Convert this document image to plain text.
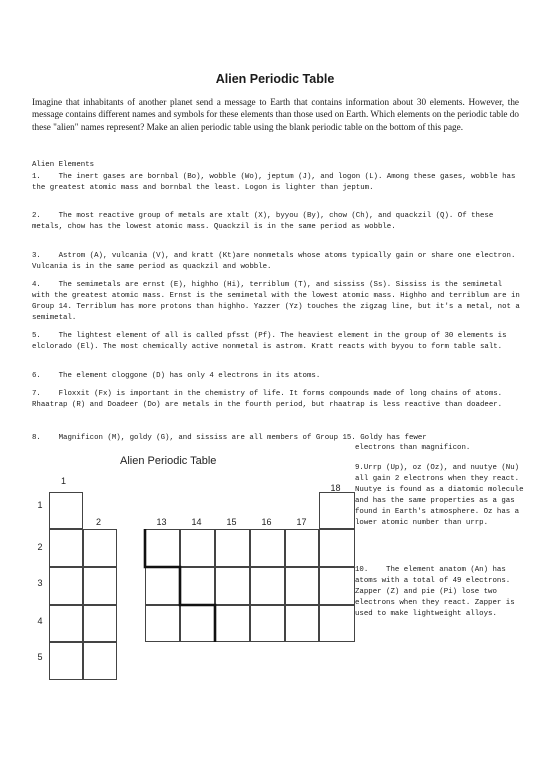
Alien Periodic Table
Imagine that inhabitants of another planet send a message to Earth that contains information about 30 elements. However, the message contains different names and symbols for these elements than those used on Earth. Which elements on the periodic table do these "alien" names represent? Make an alien periodic table using the blank periodic table on the bottom of this page.
Alien Elements
1.    The inert gases are bornbal (Bo), wobble (Wo), jeptum (J), and logon (L). Among these gases, wobble has the greatest atomic mass and bornbal the least. Logon is lighter than jeptum.
2.    The most reactive group of metals are xtalt (X), byyou (By), chow (Ch), and quackzil (Q). Of these metals, chow has the lowest atomic mass. Quackzil is in the same period as wobble.
3.    Astrom (A), vulcania (V), and kratt (Kt)are nonmetals whose atoms typically gain or share one electron. Vulcania is in the same period as quackzil and wobble.
4.    The semimetals are ernst (E), highho (Hi), terriblum (T), and sississ (Ss). Sississ is the semimetal with the greatest atomic mass. Ernst is the semimetal with the lowest atomic mass. Highho and terriblum are in Group 14. Terriblum has more protons than highho. Yazzer (Yz) touches the zigzag line, but it's a metal, not a semimetal.
5.    The lightest element of all is called pfsst (Pf). The heaviest element in the group of 30 elements is elclorado (El). The most chemically active nonmetal is astrom. Kratt reacts with byyou to form table salt.
6.    The element cloggone (D) has only 4 electrons in its atoms.
7.    Floxxit (Fx) is important in the chemistry of life. It forms compounds made of long chains of atoms. Rhaatrap (R) and Doadeer (Do) are metals in the fourth period, but rhaatrap is less reactive than doadeer.
8.    Magnificon (M), goldy (G), and sississ are all members of Group 15. Goldy has fewer
electrons than magnificon.
9.Urrp (Up), oz (Oz), and nuutye (Nu) all gain 2 electrons when they react. Nuutye is found as a diatomic molecule and has the same properties as a gas found in Earth's atmosphere. Oz has a lower atomic number than urrp.
10.    The element anatom (An) has atoms with a total of 49 electrons. Zapper (Z) and pie (Pi) lose two electrons when they react. Zapper is used to make lightweight alloys.
Alien Periodic Table
1
2	13	14	15	16	17
18
1
2
3
4
5
